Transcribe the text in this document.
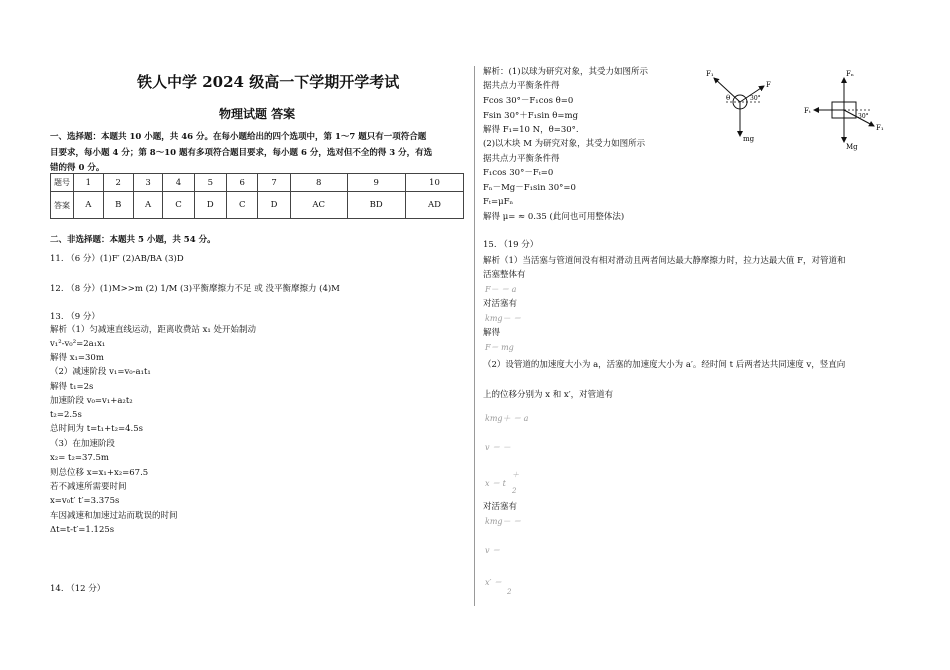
铁人中学 2024 级高一下学期开学考试
物理试题 答案
一、选择题：本题共 10 小题，共 46 分。在每小题给出的四个选项中，第 1～7 题只有一项符合题
目要求，每小题 4 分；第 8～10 题有多项符合题目要求，每小题 6 分，选对但不全的得 3 分，有选
错的得 0 分。
题号	1	2	3	4	5	6	7	8	9	10
答案	A	B	A	C	D	C	D	AC	BD	AD
二、非选择题：本题共 5 小题，共 54 分。
11. （6 分）(1)F′ (2)AB/BA (3)D
12. （8 分）(1)M>>m (2) 1/M (3)平衡摩擦力不足 或 没平衡摩擦力 (4)M
13. （9 分）
解析（1）匀减速直线运动，距离收费站 x₁ 处开始制动
v₁²-v₀²=2a₁x₁
解得 x₁=30m
（2）减速阶段 v₁=v₀-a₁t₁
解得 t₁=2s
加速阶段 v₀=v₁+a₂t₂
t₂=2.5s
总时间为 t=t₁+t₂=4.5s
（3）在加速阶段
x₂= t₂=37.5m
则总位移 x=x₁+x₂=67.5
若不减速所需要时间
x=v₀t′ t′=3.375s
车因减速和加速过站而耽误的时间
Δt=t-t′=1.125s
14. （12 分）
解析：(1)以球为研究对象，其受力如图所示
据共点力平衡条件得
Fcos 30°－F₁cos θ=0
Fsin 30°＋F₁sin θ=mg
解得 F₁=10 N，θ=30°.
(2)以木块 M 为研究对象，其受力如图所示
据共点力平衡条件得
F₁cos 30°－Fₜ=0
Fₙ－Mg－F₁sin 30°=0
Fₜ=μFₙ
解得 μ= ≈ 0.35 (此问也可用整体法)
F₁
F
θ	30°
mg
Fₙ
Fₜ
30°
F₁
Mg
15. （19 分）
解析（1）当活塞与管道间没有相对滑动且两者间达最大静摩擦力时，拉力达最大值 F，对管道和
活塞整体有
F－ ＝ a
对活塞有
kmg－ ＝
解得
F＝ mg
（2）设管道的加速度大小为 a，活塞的加速度大小为 a′。经时间 t 后两者达共同速度 v，竖直向
上的位移分别为 x 和 x′，对管道有
kmg＋ ＝ a
v ＝ －
＋
x ＝ t
2
对活塞有
kmg－ ＝
v ＝
x′ ＝
2
